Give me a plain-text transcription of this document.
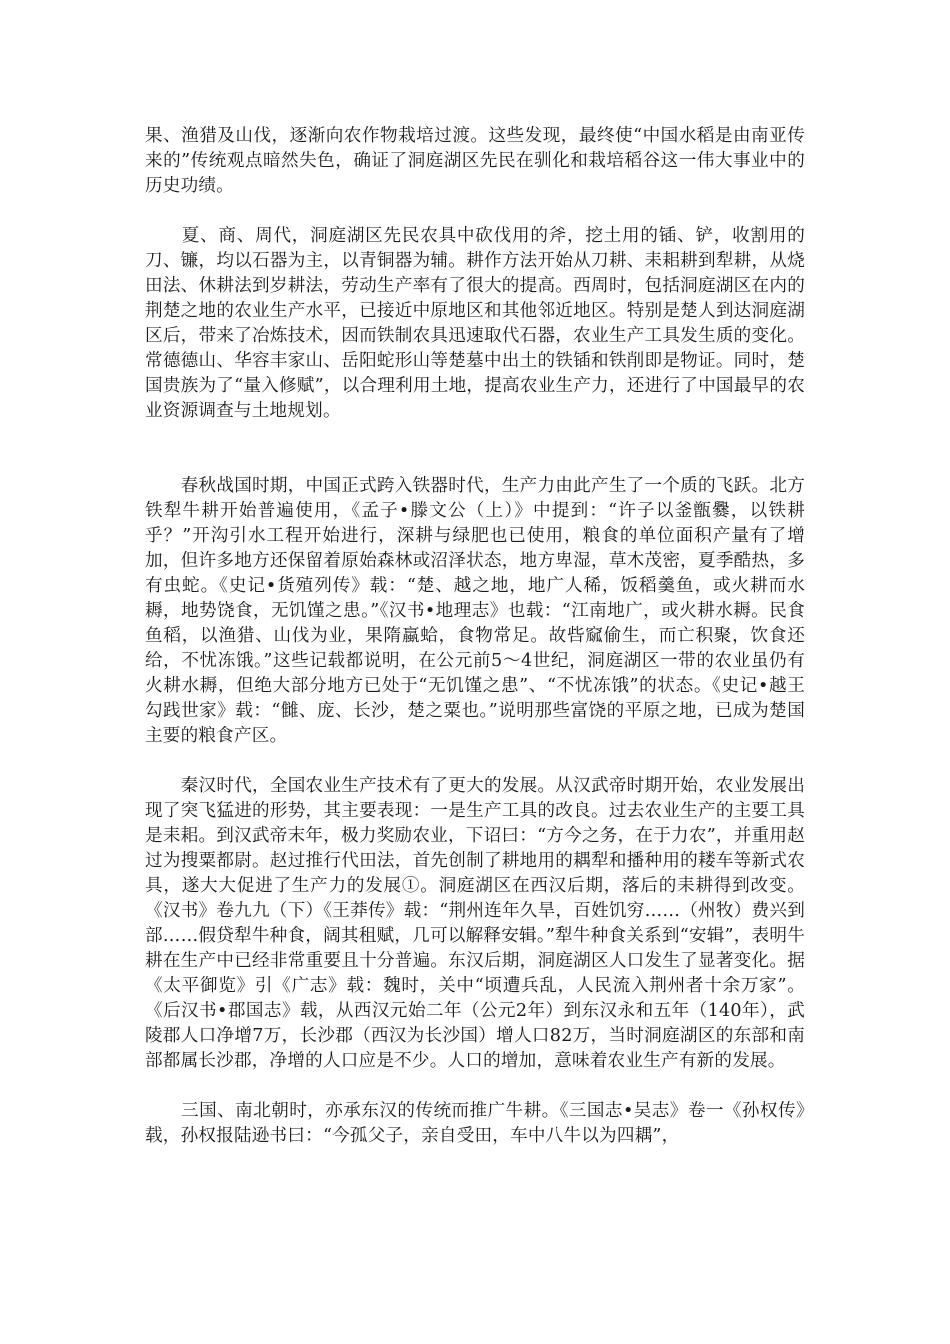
果、渔猎及山伐，逐渐向农作物栽培过渡。这些发现，最终使“中国水稻是由南亚传来的”传统观点暗然失色，确证了洞庭湖区先民在驯化和栽培稻谷这一伟大事业中的历史功绩。

　　夏、商、周代，洞庭湖区先民农具中砍伐用的斧，挖土用的锸、铲，收割用的刀、镰，均以石器为主，以青铜器为辅。耕作方法开始从刀耕、耒耜耕到犁耕，从烧田法、休耕法到岁耕法，劳动生产率有了很大的提高。西周时，包括洞庭湖区在内的荆楚之地的农业生产水平，已接近中原地区和其他邻近地区。特别是楚人到达洞庭湖区后，带来了冶炼技术，因而铁制农具迅速取代石器，农业生产工具发生质的变化。常德德山、华容丰家山、岳阳蛇形山等楚墓中出土的铁锸和铁削即是物证。同时，楚国贵族为了“量入修赋”，以合理利用土地，提高农业生产力，还进行了中国最早的农业资源调查与土地规划。

　　春秋战国时期，中国正式跨入铁器时代，生产力由此产生了一个质的飞跃。北方铁犁牛耕开始普遍使用，《孟子•滕文公（上）》中提到：“许子以釜甑爨，以铁耕乎？”开沟引水工程开始进行，深耕与绿肥也已使用，粮食的单位面积产量有了增加，但许多地方还保留着原始森林或沼泽状态，地方卑湿，草木茂密，夏季酷热，多有虫蛇。《史记•货殖列传》载：“楚、越之地，地广人稀，饭稻羹鱼，或火耕而水耨，地势饶食，无饥馑之患。”《汉书•地理志》也载：“江南地广，或火耕水耨。民食鱼稻，以渔猎、山伐为业，果隋蠃蛤，食物常足。故呰窳偷生，而亡积聚，饮食还给，不忧冻饿。”这些记载都说明，在公元前5～4世纪，洞庭湖区一带的农业虽仍有火耕水耨，但绝大部分地方已处于“无饥馑之患”、“不忧冻饿”的状态。《史记•越王勾践世家》载：“雠、庞、长沙，楚之粟也。”说明那些富饶的平原之地，已成为楚国主要的粮食产区。

　　秦汉时代，全国农业生产技术有了更大的发展。从汉武帝时期开始，农业发展出现了突飞猛进的形势，其主要表现：一是生产工具的改良。过去农业生产的主要工具是耒耜。到汉武帝末年，极力奖励农业，下诏曰：“方今之务，在于力农”，并重用赵过为搜粟都尉。赵过推行代田法，首先创制了耕地用的耦犁和播种用的耧车等新式农具，遂大大促进了生产力的发展①。洞庭湖区在西汉后期，落后的耒耕得到改变。《汉书》卷九九（下）《王莽传》载：“荆州连年久旱，百姓饥穷……（州牧）费兴到部……假贷犁牛种食，阔其租赋，几可以解释安辑。”犁牛种食关系到“安辑”，表明牛耕在生产中已经非常重要且十分普遍。东汉后期，洞庭湖区人口发生了显著变化。据《太平御览》引《广志》载：魏时，关中“顷遭兵乱，人民流入荆州者十余万家”。《后汉书•郡国志》载，从西汉元始二年（公元2年）到东汉永和五年（140年），武陵郡人口净增7万，长沙郡（西汉为长沙国）增人口82万，当时洞庭湖区的东部和南部都属长沙郡，净增的人口应是不少。人口的增加，意味着农业生产有新的发展。

　　三国、南北朝时，亦承东汉的传统而推广牛耕。《三国志•吴志》卷一《孙权传》载，孙权报陆逊书曰：“今孤父子，亲自受田，车中八牛以为四耦”，
